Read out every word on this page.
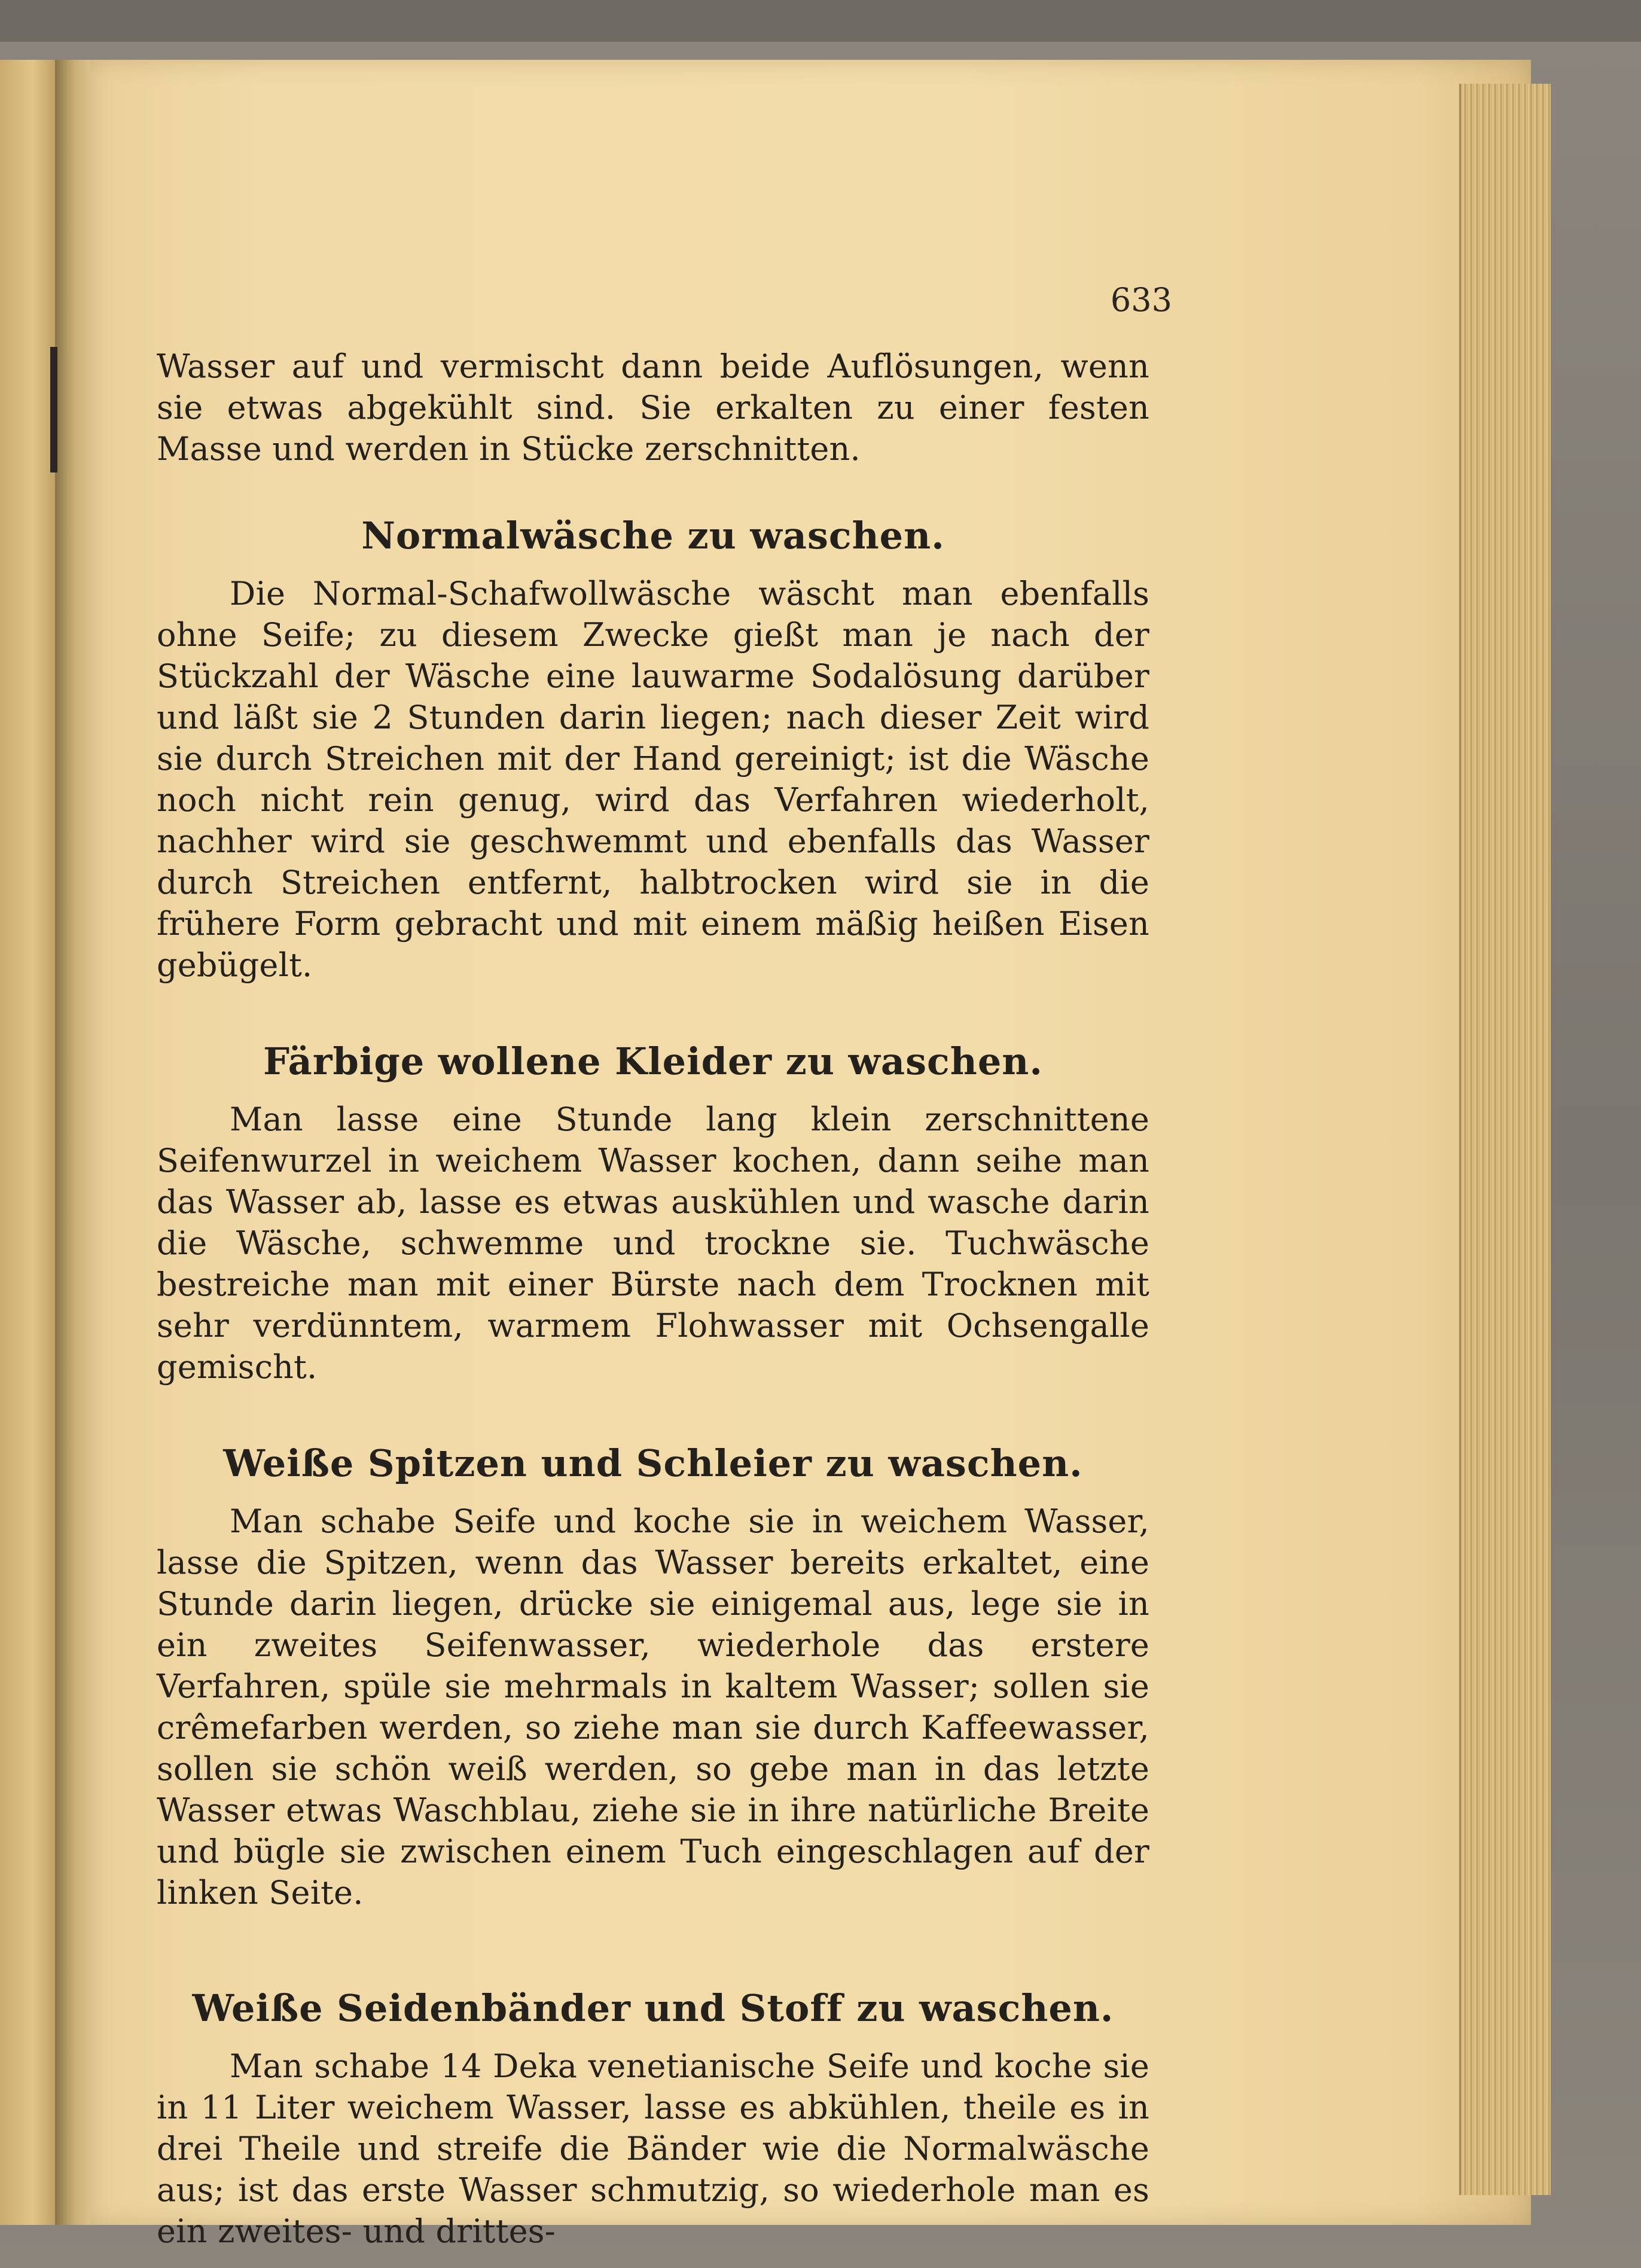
633

Wasser auf und vermischt dann beide Auflösungen, wenn sie etwas abgekühlt sind. Sie erkalten zu einer festen Masse und werden in Stücke zerschnitten.

Normalwäsche zu waschen.

Die Normal-Schafwollwäsche wäscht man ebenfalls ohne Seife; zu diesem Zwecke gießt man je nach der Stückzahl der Wäsche eine lauwarme Sodalösung darüber und läßt sie 2 Stunden darin liegen; nach dieser Zeit wird sie durch Streichen mit der Hand gereinigt; ist die Wäsche noch nicht rein genug, wird das Verfahren wiederholt, nachher wird sie geschwemmt und ebenfalls das Wasser durch Streichen entfernt, halbtrocken wird sie in die frühere Form gebracht und mit einem mäßig heißen Eisen gebügelt.

Färbige wollene Kleider zu waschen.

Man lasse eine Stunde lang klein zerschnittene Seifenwurzel in weichem Wasser kochen, dann seihe man das Wasser ab, lasse es etwas auskühlen und wasche darin die Wäsche, schwemme und trockne sie. Tuchwäsche bestreiche man mit einer Bürste nach dem Trocknen mit sehr verdünntem, warmem Flohwasser mit Ochsengalle gemischt.

Weiße Spitzen und Schleier zu waschen.

Man schabe Seife und koche sie in weichem Wasser, lasse die Spitzen, wenn das Wasser bereits erkaltet, eine Stunde darin liegen, drücke sie einigemal aus, lege sie in ein zweites Seifenwasser, wiederhole das erstere Verfahren, spüle sie mehrmals in kaltem Wasser; sollen sie crêmefarben werden, so ziehe man sie durch Kaffeewasser, sollen sie schön weiß werden, so gebe man in das letzte Wasser etwas Waschblau, ziehe sie in ihre natürliche Breite und bügle sie zwischen einem Tuch eingeschlagen auf der linken Seite.

Weiße Seidenbänder und Stoff zu waschen.

Man schabe 14 Deka venetianische Seife und koche sie in 11 Liter weichem Wasser, lasse es abkühlen, theile es in drei Theile und streife die Bänder wie die Normalwäsche aus; ist das erste Wasser schmutzig, so wiederhole man es ein zweites- und drittes-
